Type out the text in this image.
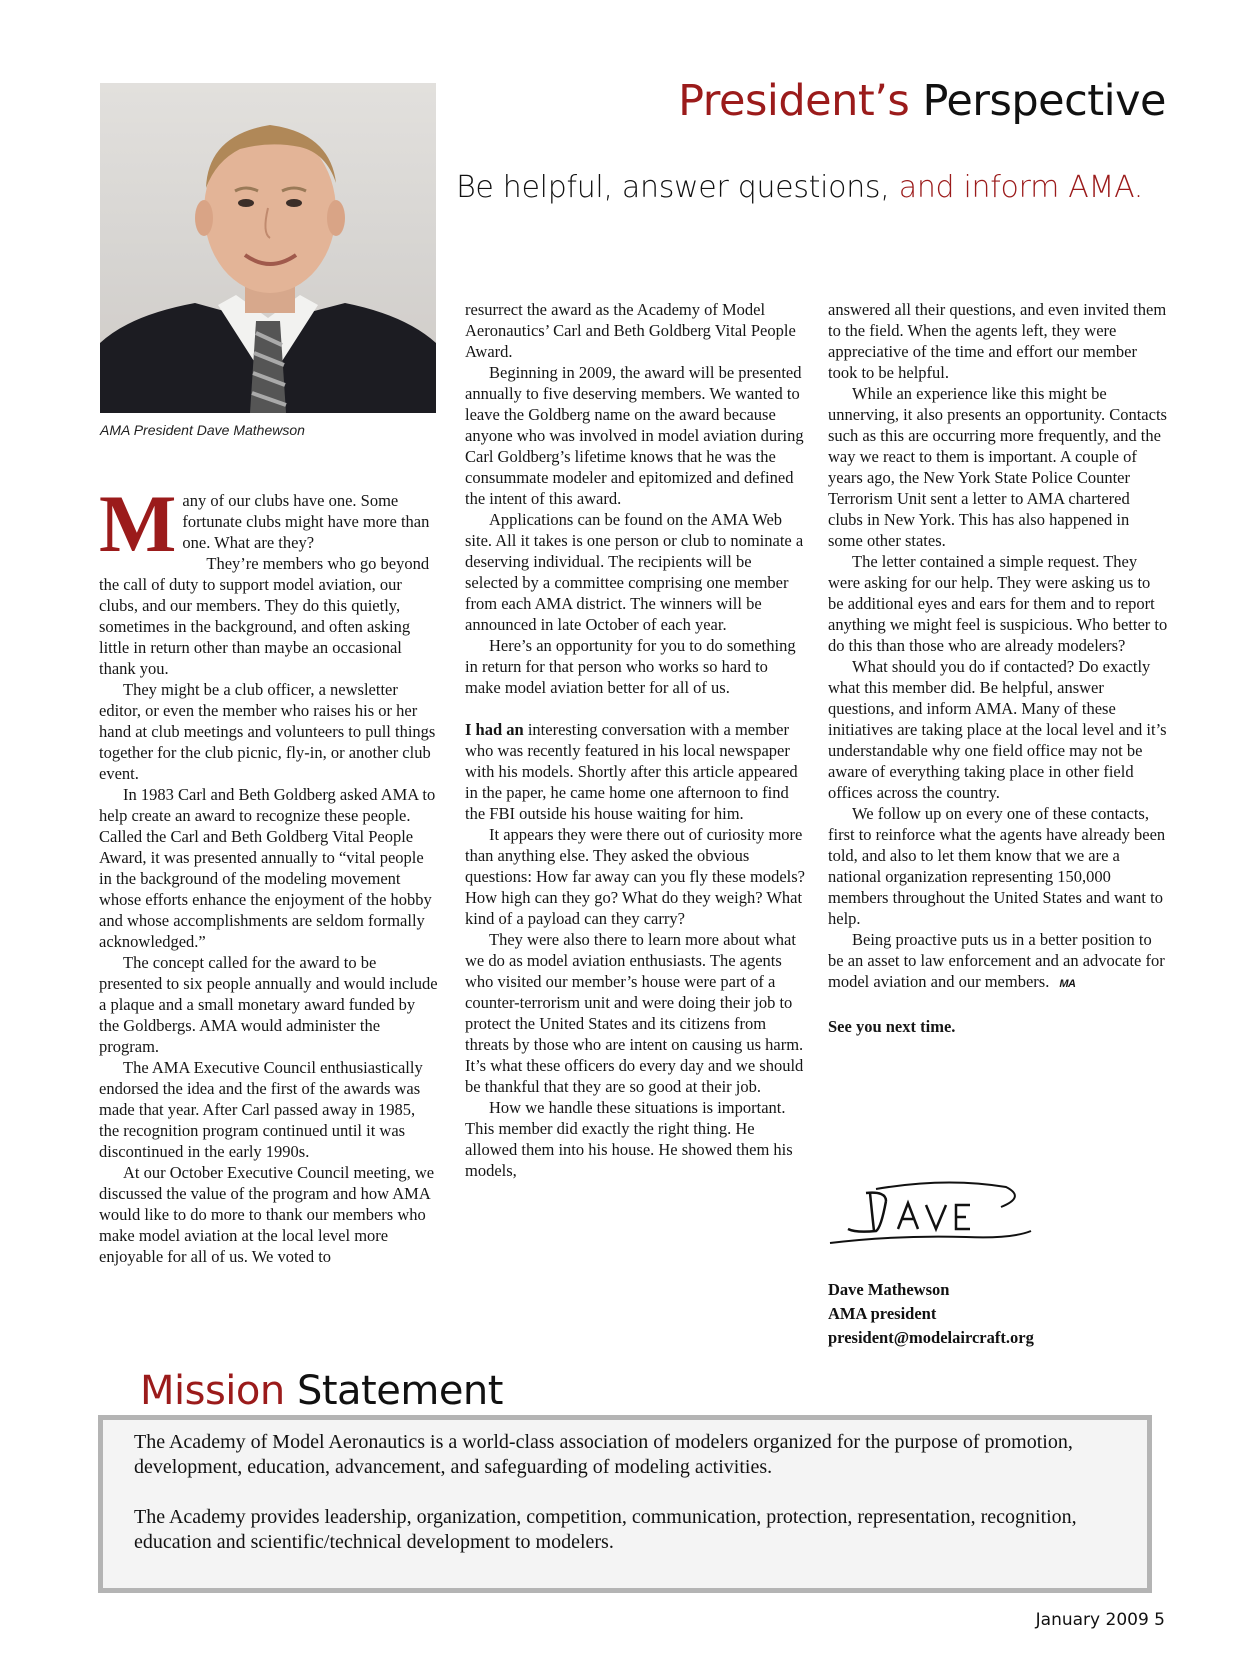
AMA President Dave Mathewson
President’s Perspective
Be helpful, answer questions, and inform AMA.

Many of our clubs have one. Some fortunate clubs might have more than one. What are they?

They’re members who go beyond the call of duty to support model aviation, our clubs, and our members. They do this quietly, sometimes in the background, and often asking little in return other than maybe an occasional thank you.

They might be a club officer, a newsletter editor, or even the member who raises his or her hand at club meetings and volunteers to pull things together for the club picnic, fly-in, or another club event.

In 1983 Carl and Beth Goldberg asked AMA to help create an award to recognize these people. Called the Carl and Beth Goldberg Vital People Award, it was presented annually to “vital people in the background of the modeling movement whose efforts enhance the enjoyment of the hobby and whose accomplishments are seldom formally acknowledged.”

The concept called for the award to be presented to six people annually and would include a plaque and a small monetary award funded by the Goldbergs. AMA would administer the program.

The AMA Executive Council enthusiastically endorsed the idea and the first of the awards was made that year. After Carl passed away in 1985, the recognition program continued until it was discontinued in the early 1990s.

At our October Executive Council meeting, we discussed the value of the program and how AMA would like to do more to thank our members who make model aviation at the local level more enjoyable for all of us. We voted to

resurrect the award as the Academy of Model Aeronautics’ Carl and Beth Goldberg Vital People Award.

Beginning in 2009, the award will be presented annually to five deserving members. We wanted to leave the Goldberg name on the award because anyone who was involved in model aviation during Carl Goldberg’s lifetime knows that he was the consummate modeler and epitomized and defined the intent of this award.

Applications can be found on the AMA Web site. All it takes is one person or club to nominate a deserving individual. The recipients will be selected by a committee comprising one member from each AMA district. The winners will be announced in late October of each year.

Here’s an opportunity for you to do something in return for that person who works so hard to make model aviation better for all of us.

I had an interesting conversation with a member who was recently featured in his local newspaper with his models. Shortly after this article appeared in the paper, he came home one afternoon to find the FBI outside his house waiting for him.

It appears they were there out of curiosity more than anything else. They asked the obvious questions: How far away can you fly these models? How high can they go? What do they weigh? What kind of a payload can they carry?

They were also there to learn more about what we do as model aviation enthusiasts. The agents who visited our member’s house were part of a counter-terrorism unit and were doing their job to protect the United States and its citizens from threats by those who are intent on causing us harm. It’s what these officers do every day and we should be thankful that they are so good at their job.

How we handle these situations is important. This member did exactly the right thing. He allowed them into his house. He showed them his models,

answered all their questions, and even invited them to the field. When the agents left, they were appreciative of the time and effort our member took to be helpful.

While an experience like this might be unnerving, it also presents an opportunity. Contacts such as this are occurring more frequently, and the way we react to them is important. A couple of years ago, the New York State Police Counter Terrorism Unit sent a letter to AMA chartered clubs in New York. This has also happened in some other states.

The letter contained a simple request. They were asking for our help. They were asking us to be additional eyes and ears for them and to report anything we might feel is suspicious. Who better to do this than those who are already modelers?

What should you do if contacted? Do exactly what this member did. Be helpful, answer questions, and inform AMA. Many of these initiatives are taking place at the local level and it’s understandable why one field office may not be aware of everything taking place in other field offices across the country.

We follow up on every one of these contacts, first to reinforce what the agents have already been told, and also to let them know that we are a national organization representing 150,000 members throughout the United States and want to help.

Being proactive puts us in a better position to be an asset to law enforcement and an advocate for model aviation and our members. MA

See you next time.

Dave Mathewson
AMA president
president@modelaircraft.org
Mission Statement

The Academy of Model Aeronautics is a world-class association of modelers organized for the purpose of promotion, development, education, advancement, and safeguarding of modeling activities.

The Academy provides leadership, organization, competition, communication, protection, representation, recognition, education and scientific/technical development to modelers.

January 2009 5
